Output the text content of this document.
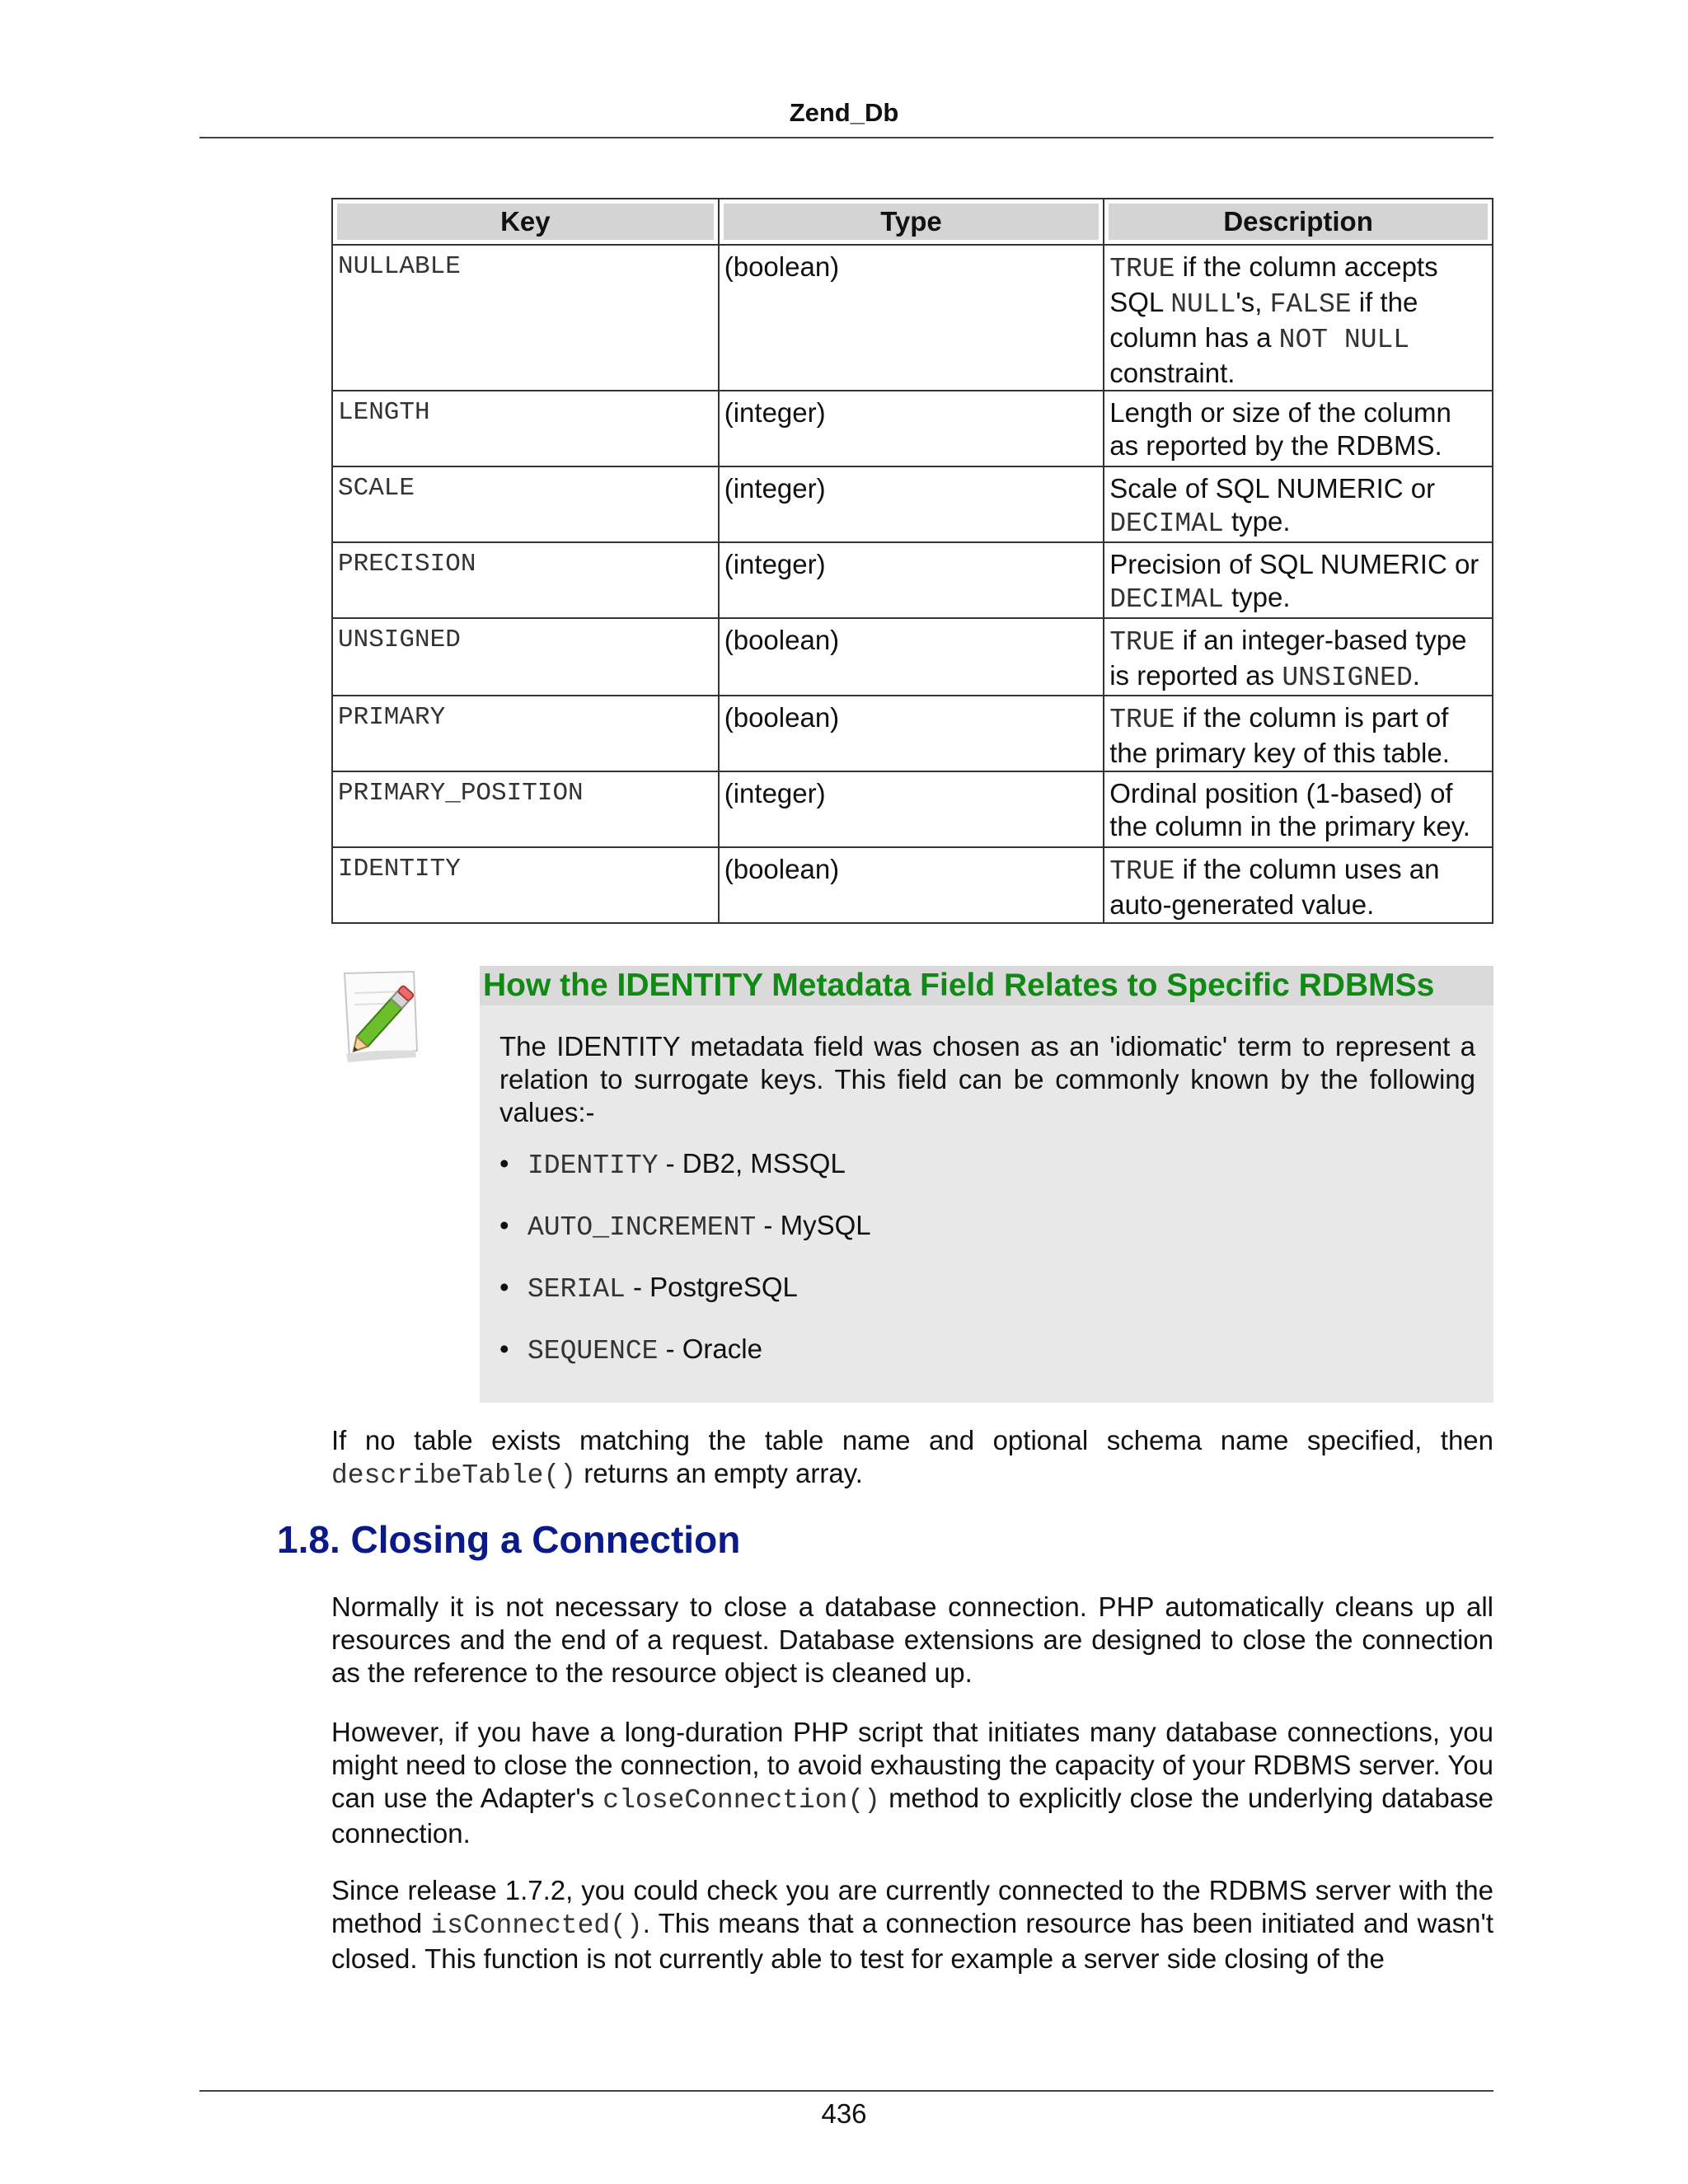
Zend_Db
Key	Type	Description

NULLABLE	(boolean)	TRUE if the column accepts SQL NULL's, FALSE if the column has a NOT NULL constraint.
LENGTH	(integer)	Length or size of the column as reported by the RDBMS.
SCALE	(integer)	Scale of SQL NUMERIC or DECIMAL type.
PRECISION	(integer)	Precision of SQL NUMERIC or DECIMAL type.
UNSIGNED	(boolean)	TRUE if an integer-based type is reported as UNSIGNED.
PRIMARY	(boolean)	TRUE if the column is part of the primary key of this table.
PRIMARY_POSITION	(integer)	Ordinal position (1-based) of the column in the primary key.
IDENTITY	(boolean)	TRUE if the column uses an auto-generated value.
How the IDENTITY Metadata Field Relates to Specific RDBMSs
The IDENTITY metadata field was chosen as an 'idiomatic' term to represent a relation to surrogate keys. This field can be commonly known by the following values:-
• IDENTITY - DB2, MSSQL
• AUTO_INCREMENT - MySQL
• SERIAL - PostgreSQL
• SEQUENCE - Oracle

If no table exists matching the table name and optional schema name specified, then describeTable() returns an empty array.

1.8. Closing a Connection

Normally it is not necessary to close a database connection. PHP automatically cleans up all resources and the end of a request. Database extensions are designed to close the connection as the reference to the resource object is cleaned up.

However, if you have a long-duration PHP script that initiates many database connections, you might need to close the connection, to avoid exhausting the capacity of your RDBMS server. You can use the Adapter's closeConnection() method to explicitly close the underlying database connection.

Since release 1.7.2, you could check you are currently connected to the RDBMS server with the method isConnected(). This means that a connection resource has been initiated and wasn't closed. This function is not currently able to test for example a server side closing of the

436
